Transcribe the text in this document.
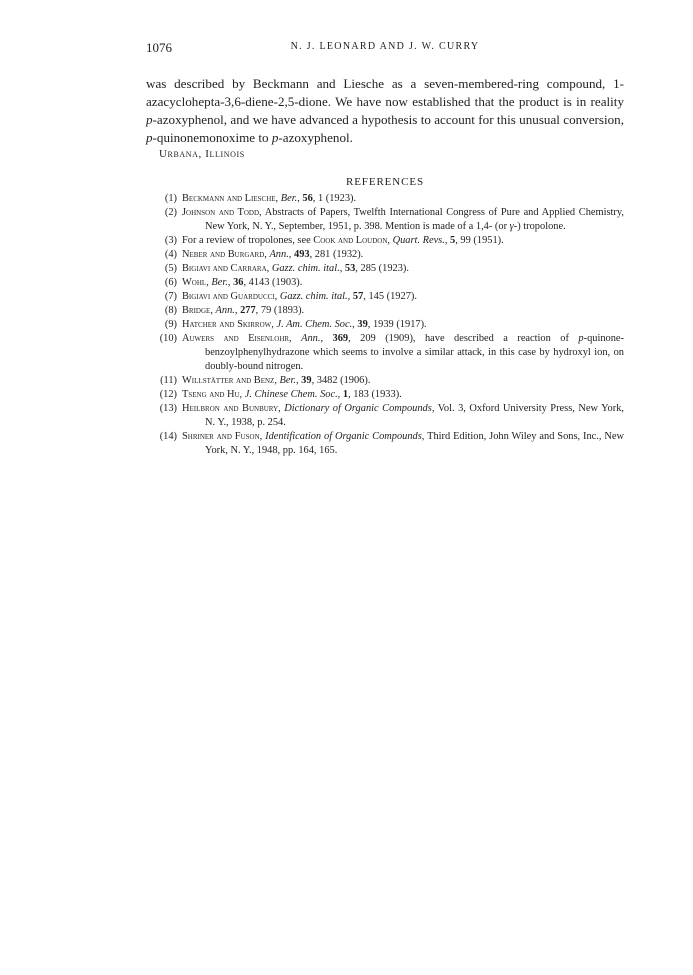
1076	N. J. LEONARD AND J. W. CURRY

was described by Beckmann and Liesche as a seven-membered-ring compound, 1-azacyclohepta-3,6-diene-2,5-dione. We have now established that the product is in reality p-azoxyphenol, and we have advanced a hypothesis to account for this unusual conversion, p-quinonemonoxime to p-azoxyphenol.

Urbana, Illinois
REFERENCES
(1) Beckmann and Liesche, Ber., 56, 1 (1923).
(2) Johnson and Todd, Abstracts of Papers, Twelfth International Congress of Pure and Applied Chemistry, New York, N. Y., September, 1951, p. 398. Mention is made of a 1,4- (or γ-) tropolone.
(3) For a review of tropolones, see Cook and Loudon, Quart. Revs., 5, 99 (1951).
(4) Neber and Burgard, Ann., 493, 281 (1932).
(5) Bigiavi and Carrara, Gazz. chim. ital., 53, 285 (1923).
(6) Wohl, Ber., 36, 4143 (1903).
(7) Bigiavi and Guarducci, Gazz. chim. ital., 57, 145 (1927).
(8) Bridge, Ann., 277, 79 (1893).
(9) Hatcher and Skirrow, J. Am. Chem. Soc., 39, 1939 (1917).
(10) Auwers and Eisenlohr, Ann., 369, 209 (1909), have described a reaction of p-quinone-benzoylphenylhydrazone which seems to involve a similar attack, in this case by hydroxyl ion, on doubly-bound nitrogen.
(11) Willstätter and Benz, Ber., 39, 3482 (1906).
(12) Tseng and Hu, J. Chinese Chem. Soc., 1, 183 (1933).
(13) Heilbron and Bunbury, Dictionary of Organic Compounds, Vol. 3, Oxford University Press, New York, N. Y., 1938, p. 254.
(14) Shriner and Fuson, Identification of Organic Compounds, Third Edition, John Wiley and Sons, Inc., New York, N. Y., 1948, pp. 164, 165.
